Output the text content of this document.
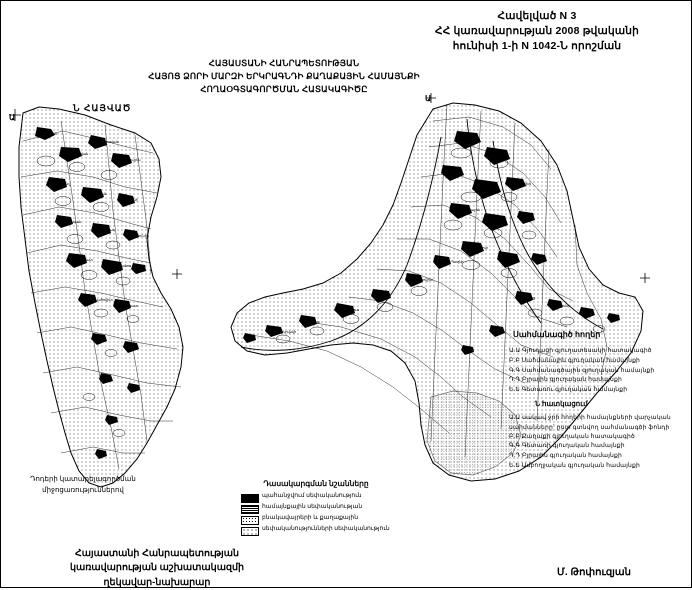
Արագած
Հարթավան
Դաշտավան
Կարմրաշեն
Ոսկեվազ
Շենավան
Մուղնի
Բյուրական
Ագարակ
Սասունիկ
Ոսկեհատ
Նոր Ամանոս
Ծաղկահովիտ
Ջրառատ
Նոր Գեղի
Առինջ
Պռոշյան
Աբովյան
Քանաքեռ
Նուբարաշեն
Գառնի
Գողթ
Ձորաղբյուր
Ջրվեժ
Վերին Պտղնի
Բալահովիտ
Արզնի
Արամուս
Ակունք
Մայակովսկի
Կոտայք
Զովունի
Հավելված N 3
ՀՀ կառավարության 2008 թվականի
հունիսի 1-ի N 1042-Ն որոշման
ՀԱՅԱՍՏԱՆԻ ՀԱՆՐԱՊԵՏՈՒԹՅԱՆ
ՀԱՅՈՑ ՁՈՐԻ ՄԱՐԶԻ ԵՐԿՐԱԳՆԴԻ ՔԱՂԱՔԱՅԻՆ ՀԱՄԱՅՆՔԻ
ՀՈՂԱՕԳՏԱԳՈՐԾՄԱՆ ՀԱՏԱԿԱԳԻԾԸ
Ն ՀԱՅՎԱԾ
Ա
Ա
Դոդերի կատարելագործման միջոցառություններով
Սահմանագիծ հողեր`
Ա.Ա Գյուղացի գյուղատեսակի հատակագիծ
Բ.Բ Սահմանային գյուղական համայնքի
Գ.Գ Սահմանագծային գյուղական համայնքի
Դ.Դ Բլրային գյուղական համայնքի
Ե.Ե Գետառու գյուղական համայնքի
Ն հատկացում
Ա.Ա սակավ ջրի հողերի համայնքների վարչական
սահմանները` ըստ գտնվող սահմանագծի ֆոնդի
Բ.Բ Քաղաքի գյուղական հատակագիծ
Գ.Գ Գետառի գյուղական համայնքի
Դ.Դ Բլրային գյուղական համայնքի
Ե.Ե Ամբողջական գյուղական համայնքի
Դասակարգման նշանները
պահանջվում սեփականություն
համայնքային սեփականության
բնակավայրերի և քաղաքային
սեփականությունների սեփականություն
Հայաստանի Հանրապետության
կառավարության աշխատակազմի
ղեկավար-նախարար
Մ. Թոփուզյան
